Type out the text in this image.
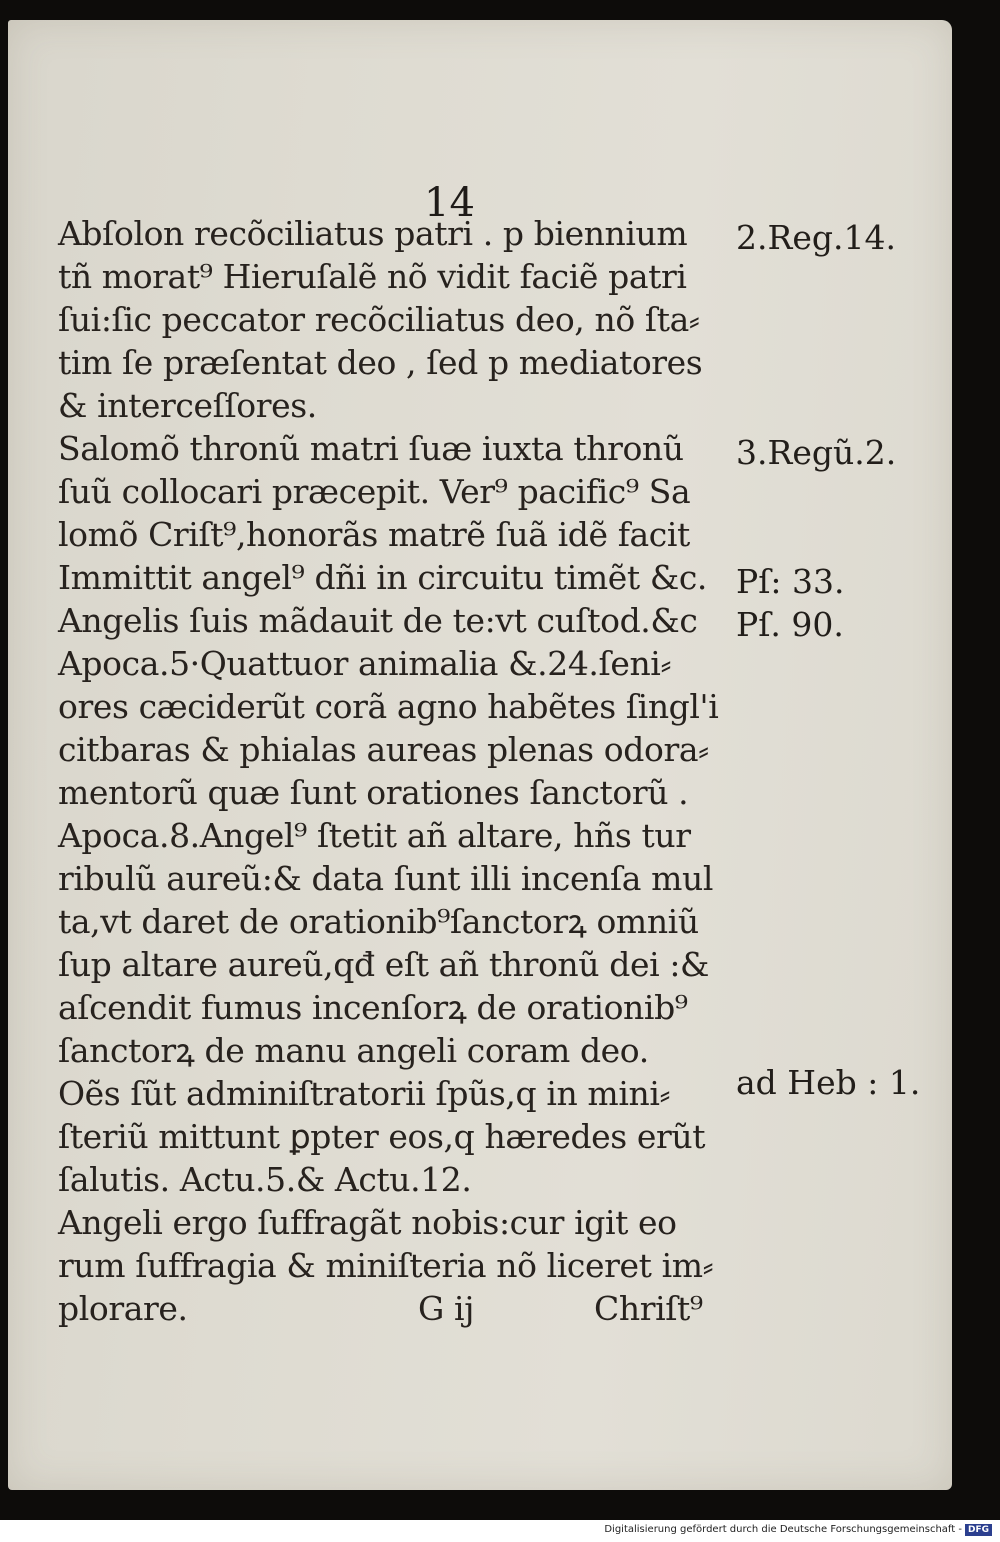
14
Abſolon recõciliatus patri . p biennium
tñ morat⁹ Hieruſalẽ nõ vidit faciẽ patri
ſui:ſic peccator recõciliatus deo, nõ ſta⸗
tim ſe præſentat deo , ſed p mediatores
& interceſſores.
Salomõ thronũ matri ſuæ iuxta thronũ
ſuũ collocari præcepit. Ver⁹ pacific⁹ Sa
lomõ Criſt⁹,honorãs matrẽ ſuã idẽ facit
Immittit angel⁹ dñi in circuitu timẽt &c.
Angelis ſuis mãdauit de te:vt cuſtod.&c
Apoca.5·Quattuor animalia &.24.ſeni⸗
ores cæciderũt corã agno habẽtes ſingl'i
citbaras & phialas aureas plenas odora⸗
mentorũ quæ ſunt orationes ſanctorũ .
Apoca.8.Angel⁹ ſtetit añ altare, hñs tur
ribulũ aureũ:& data ſunt illi incenſa mul
ta,vt daret de orationib⁹ſanctorꝝ omniũ
ſup altare aureũ,qđ eſt añ thronũ dei :&
aſcendit fumus incenſorꝝ de orationib⁹
ſanctorꝝ de manu angeli coram deo.
Oẽs ſũt adminiſtratorii ſpũs,q in mini⸗
ſteriũ mittunt ꝑpter eos,q hæredes erũt
ſalutis. Actu.5.& Actu.12.
Angeli ergo ſuffragãt nobis:cur igit eo
rum ſuffragia & miniſteria nõ liceret im⸗
plorare.	G ij	Chriſt⁹
2.Reg.14.
3.Regũ.2.
Pſ: 33.
Pſ. 90.
ad Heb : 1.
Digitalisierung gefördert durch die Deutsche Forschungsgemeinschaft - DFG
